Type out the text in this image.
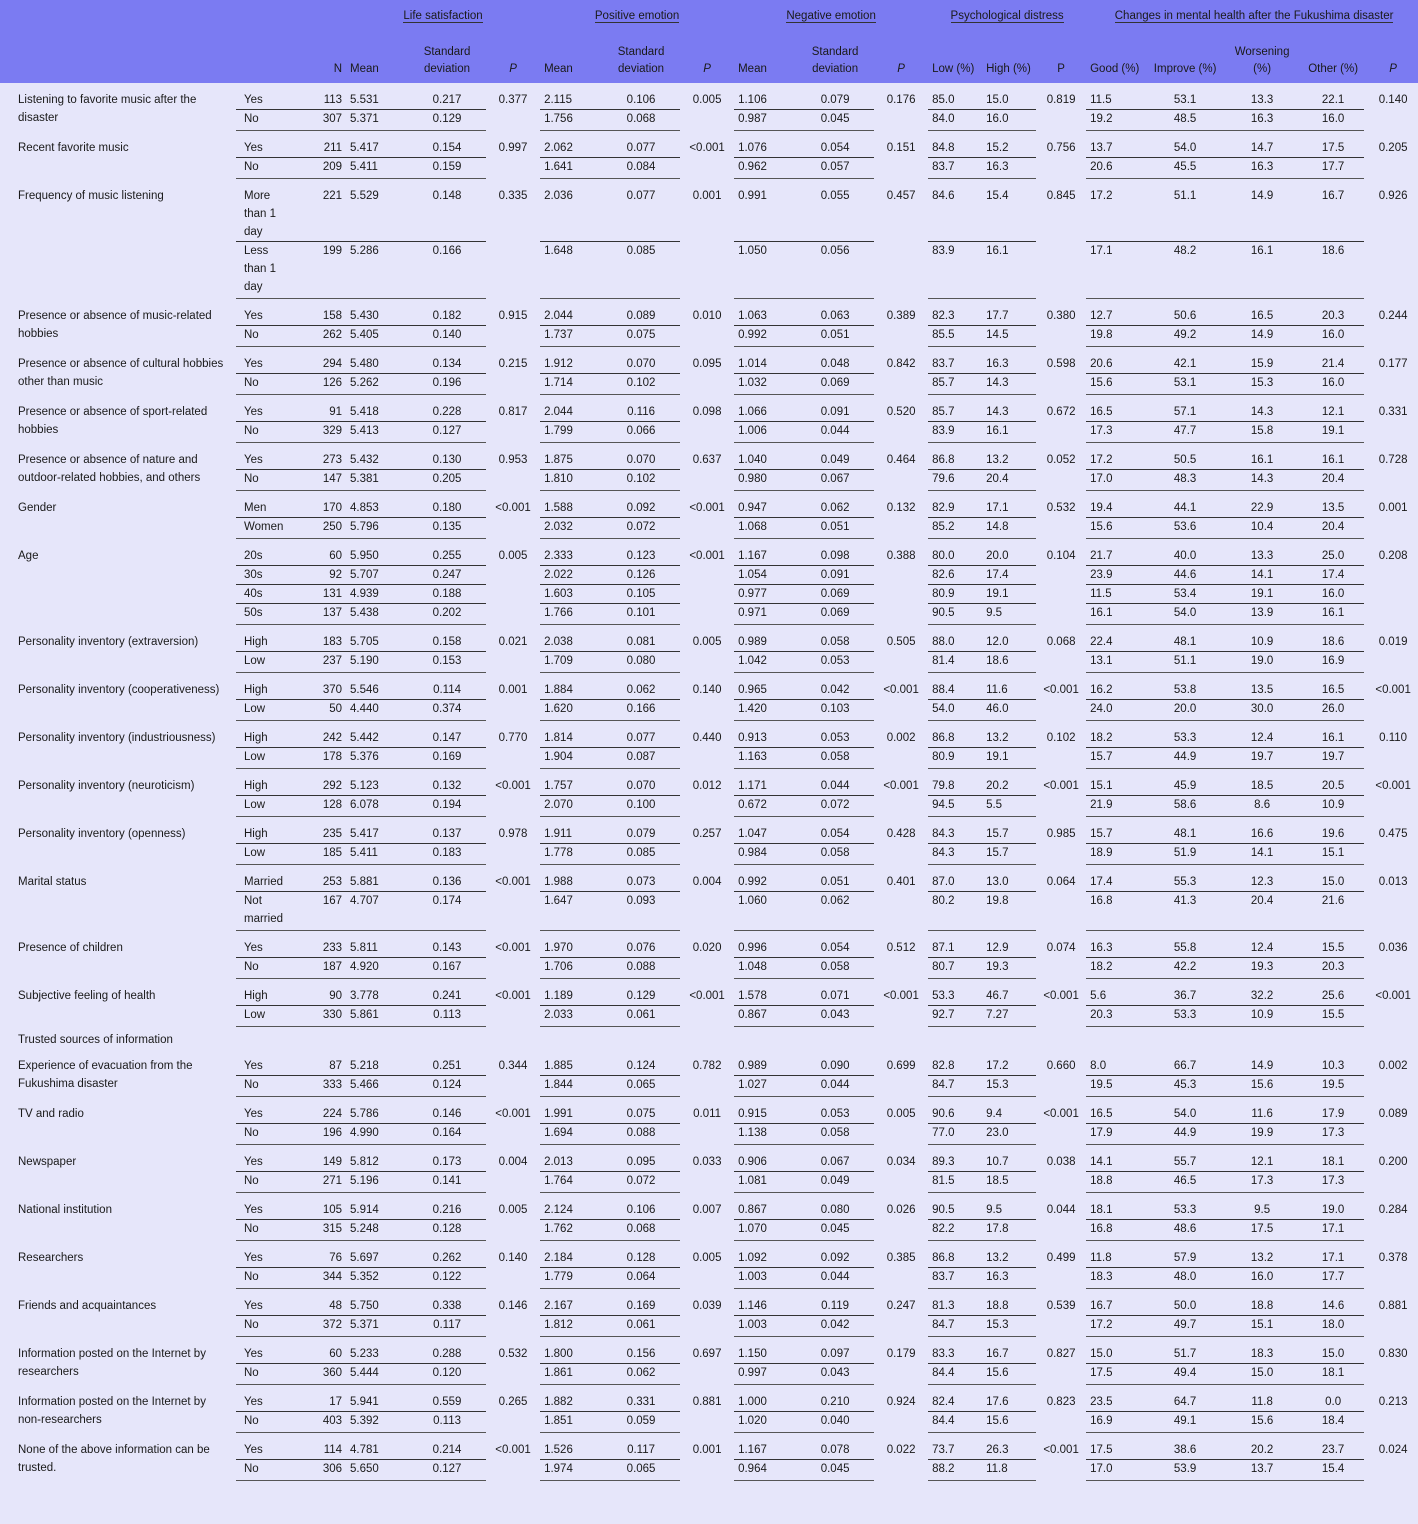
			Life satisfaction			Positive emotion			Negative emotion			Psychological distress			Changes in mental health after the Fukushima disaster				
		N	Mean	Standard deviation	P	Mean	Standard deviation	P	Mean	Standard deviation	P	Low (%)	High (%)	P	Good (%)	Improve (%)	Worsening (%)	Other (%)	P
Listening to favorite music after the disaster	Yes	113	5.531	0.217	0.377	2.115	0.106	0.005	1.106	0.079	0.176	85.0	15.0	0.819	11.5	53.1	13.3	22.1	0.140
	No	307	5.371	0.129		1.756	0.068		0.987	0.045		84.0	16.0		19.2	48.5	16.3	16.0	
Recent favorite music	Yes	211	5.417	0.154	0.997	2.062	0.077	<0.001	1.076	0.054	0.151	84.8	15.2	0.756	13.7	54.0	14.7	17.5	0.205
	No	209	5.411	0.159		1.641	0.084		0.962	0.057		83.7	16.3		20.6	45.5	16.3	17.7	
Frequency of music listening	More than 1 day	221	5.529	0.148	0.335	2.036	0.077	0.001	0.991	0.055	0.457	84.6	15.4	0.845	17.2	51.1	14.9	16.7	0.926
	Less than 1 day	199	5.286	0.166		1.648	0.085		1.050	0.056		83.9	16.1		17.1	48.2	16.1	18.6	
Presence or absence of music-related hobbies	Yes	158	5.430	0.182	0.915	2.044	0.089	0.010	1.063	0.063	0.389	82.3	17.7	0.380	12.7	50.6	16.5	20.3	0.244
	No	262	5.405	0.140		1.737	0.075		0.992	0.051		85.5	14.5		19.8	49.2	14.9	16.0	
Presence or absence of cultural hobbies other than music	Yes	294	5.480	0.134	0.215	1.912	0.070	0.095	1.014	0.048	0.842	83.7	16.3	0.598	20.6	42.1	15.9	21.4	0.177
	No	126	5.262	0.196		1.714	0.102		1.032	0.069		85.7	14.3		15.6	53.1	15.3	16.0	
Presence or absence of sport-related hobbies	Yes	91	5.418	0.228	0.817	2.044	0.116	0.098	1.066	0.091	0.520	85.7	14.3	0.672	16.5	57.1	14.3	12.1	0.331
	No	329	5.413	0.127		1.799	0.066		1.006	0.044		83.9	16.1		17.3	47.7	15.8	19.1	
Presence or absence of nature and outdoor-related hobbies, and others	Yes	273	5.432	0.130	0.953	1.875	0.070	0.637	1.040	0.049	0.464	86.8	13.2	0.052	17.2	50.5	16.1	16.1	0.728
	No	147	5.381	0.205		1.810	0.102		0.980	0.067		79.6	20.4		17.0	48.3	14.3	20.4	
Gender	Men	170	4.853	0.180	<0.001	1.588	0.092	<0.001	0.947	0.062	0.132	82.9	17.1	0.532	19.4	44.1	22.9	13.5	0.001
	Women	250	5.796	0.135		2.032	0.072		1.068	0.051		85.2	14.8		15.6	53.6	10.4	20.4	
Age	20s	60	5.950	0.255	0.005	2.333	0.123	<0.001	1.167	0.098	0.388	80.0	20.0	0.104	21.7	40.0	13.3	25.0	0.208
	30s	92	5.707	0.247		2.022	0.126		1.054	0.091		82.6	17.4		23.9	44.6	14.1	17.4	
	40s	131	4.939	0.188		1.603	0.105		0.977	0.069		80.9	19.1		11.5	53.4	19.1	16.0	
	50s	137	5.438	0.202		1.766	0.101		0.971	0.069		90.5	9.5		16.1	54.0	13.9	16.1	
Personality inventory (extraversion)	High	183	5.705	0.158	0.021	2.038	0.081	0.005	0.989	0.058	0.505	88.0	12.0	0.068	22.4	48.1	10.9	18.6	0.019
	Low	237	5.190	0.153		1.709	0.080		1.042	0.053		81.4	18.6		13.1	51.1	19.0	16.9	
Personality inventory (cooperativeness)	High	370	5.546	0.114	0.001	1.884	0.062	0.140	0.965	0.042	<0.001	88.4	11.6	<0.001	16.2	53.8	13.5	16.5	<0.001
	Low	50	4.440	0.374		1.620	0.166		1.420	0.103		54.0	46.0		24.0	20.0	30.0	26.0	
Personality inventory (industriousness)	High	242	5.442	0.147	0.770	1.814	0.077	0.440	0.913	0.053	0.002	86.8	13.2	0.102	18.2	53.3	12.4	16.1	0.110
	Low	178	5.376	0.169		1.904	0.087		1.163	0.058		80.9	19.1		15.7	44.9	19.7	19.7	
Personality inventory (neuroticism)	High	292	5.123	0.132	<0.001	1.757	0.070	0.012	1.171	0.044	<0.001	79.8	20.2	<0.001	15.1	45.9	18.5	20.5	<0.001
	Low	128	6.078	0.194		2.070	0.100		0.672	0.072		94.5	5.5		21.9	58.6	8.6	10.9	
Personality inventory (openness)	High	235	5.417	0.137	0.978	1.911	0.079	0.257	1.047	0.054	0.428	84.3	15.7	0.985	15.7	48.1	16.6	19.6	0.475
	Low	185	5.411	0.183		1.778	0.085		0.984	0.058		84.3	15.7		18.9	51.9	14.1	15.1	
Marital status	Married	253	5.881	0.136	<0.001	1.988	0.073	0.004	0.992	0.051	0.401	87.0	13.0	0.064	17.4	55.3	12.3	15.0	0.013
	Not married	167	4.707	0.174		1.647	0.093		1.060	0.062		80.2	19.8		16.8	41.3	20.4	21.6	
Presence of children	Yes	233	5.811	0.143	<0.001	1.970	0.076	0.020	0.996	0.054	0.512	87.1	12.9	0.074	16.3	55.8	12.4	15.5	0.036
	No	187	4.920	0.167		1.706	0.088		1.048	0.058		80.7	19.3		18.2	42.2	19.3	20.3	
Subjective feeling of health	High	90	3.778	0.241	<0.001	1.189	0.129	<0.001	1.578	0.071	<0.001	53.3	46.7	<0.001	5.6	36.7	32.2	25.6	<0.001
	Low	330	5.861	0.113		2.033	0.061		0.867	0.043		92.7	7.27		20.3	53.3	10.9	15.5	
Trusted sources of information																			
Experience of evacuation from the Fukushima disaster	Yes	87	5.218	0.251	0.344	1.885	0.124	0.782	0.989	0.090	0.699	82.8	17.2	0.660	8.0	66.7	14.9	10.3	0.002
	No	333	5.466	0.124		1.844	0.065		1.027	0.044		84.7	15.3		19.5	45.3	15.6	19.5	
TV and radio	Yes	224	5.786	0.146	<0.001	1.991	0.075	0.011	0.915	0.053	0.005	90.6	9.4	<0.001	16.5	54.0	11.6	17.9	0.089
	No	196	4.990	0.164		1.694	0.088		1.138	0.058		77.0	23.0		17.9	44.9	19.9	17.3	
Newspaper	Yes	149	5.812	0.173	0.004	2.013	0.095	0.033	0.906	0.067	0.034	89.3	10.7	0.038	14.1	55.7	12.1	18.1	0.200
	No	271	5.196	0.141		1.764	0.072		1.081	0.049		81.5	18.5		18.8	46.5	17.3	17.3	
National institution	Yes	105	5.914	0.216	0.005	2.124	0.106	0.007	0.867	0.080	0.026	90.5	9.5	0.044	18.1	53.3	9.5	19.0	0.284
	No	315	5.248	0.128		1.762	0.068		1.070	0.045		82.2	17.8		16.8	48.6	17.5	17.1	
Researchers	Yes	76	5.697	0.262	0.140	2.184	0.128	0.005	1.092	0.092	0.385	86.8	13.2	0.499	11.8	57.9	13.2	17.1	0.378
	No	344	5.352	0.122		1.779	0.064		1.003	0.044		83.7	16.3		18.3	48.0	16.0	17.7	
Friends and acquaintances	Yes	48	5.750	0.338	0.146	2.167	0.169	0.039	1.146	0.119	0.247	81.3	18.8	0.539	16.7	50.0	18.8	14.6	0.881
	No	372	5.371	0.117		1.812	0.061		1.003	0.042		84.7	15.3		17.2	49.7	15.1	18.0	
Information posted on the Internet by researchers	Yes	60	5.233	0.288	0.532	1.800	0.156	0.697	1.150	0.097	0.179	83.3	16.7	0.827	15.0	51.7	18.3	15.0	0.830
	No	360	5.444	0.120		1.861	0.062		0.997	0.043		84.4	15.6		17.5	49.4	15.0	18.1	
Information posted on the Internet by non-researchers	Yes	17	5.941	0.559	0.265	1.882	0.331	0.881	1.000	0.210	0.924	82.4	17.6	0.823	23.5	64.7	11.8	0.0	0.213
	No	403	5.392	0.113		1.851	0.059		1.020	0.040		84.4	15.6		16.9	49.1	15.6	18.4	
None of the above information can be trusted.	Yes	114	4.781	0.214	<0.001	1.526	0.117	0.001	1.167	0.078	0.022	73.7	26.3	<0.001	17.5	38.6	20.2	23.7	0.024
	No	306	5.650	0.127		1.974	0.065		0.964	0.045		88.2	11.8		17.0	53.9	13.7	15.4	
